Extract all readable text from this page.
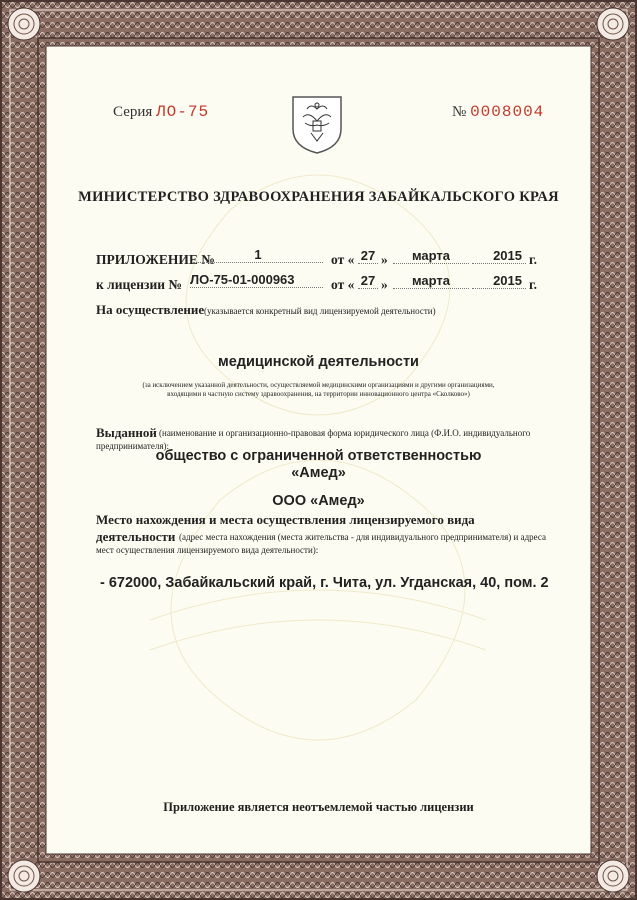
Серия ЛО-75	№ 0008004
МИНИСТЕРСТВО ЗДРАВООХРАНЕНИЯ ЗАБАЙКАЛЬСКОГО КРАЯ
ПРИЛОЖЕНИЕ №	1	от « 27 »	марта	2015 г.
к лицензии № ЛО-75-01-000963	от « 27 »	марта	2015 г.
На осуществление (указывается конкретный вид лицензируемой деятельности)
медицинской деятельности
(за исключением указанной деятельности, осуществляемой медицинскими организациями и другими организациями,
входящими в частную систему здравоохранения, на территории инновационного центра «Сколково»)
Выданной (наименование и организационно-правовая форма юридического лица (Ф.И.О. индивидуального
предпринимателя):
общество с ограниченной ответственностью
«Амед»
ООО «Амед»
Место нахождения и места осуществления лицензируемого вида
деятельности (адрес места нахождения (места жительства - для индивидуального предпринимателя) и адреса
мест осуществления лицензируемого вида деятельности):
- 672000, Забайкальский край, г. Чита, ул. Угданская, 40, пом. 2
Приложение является неотъемлемой частью лицензии
